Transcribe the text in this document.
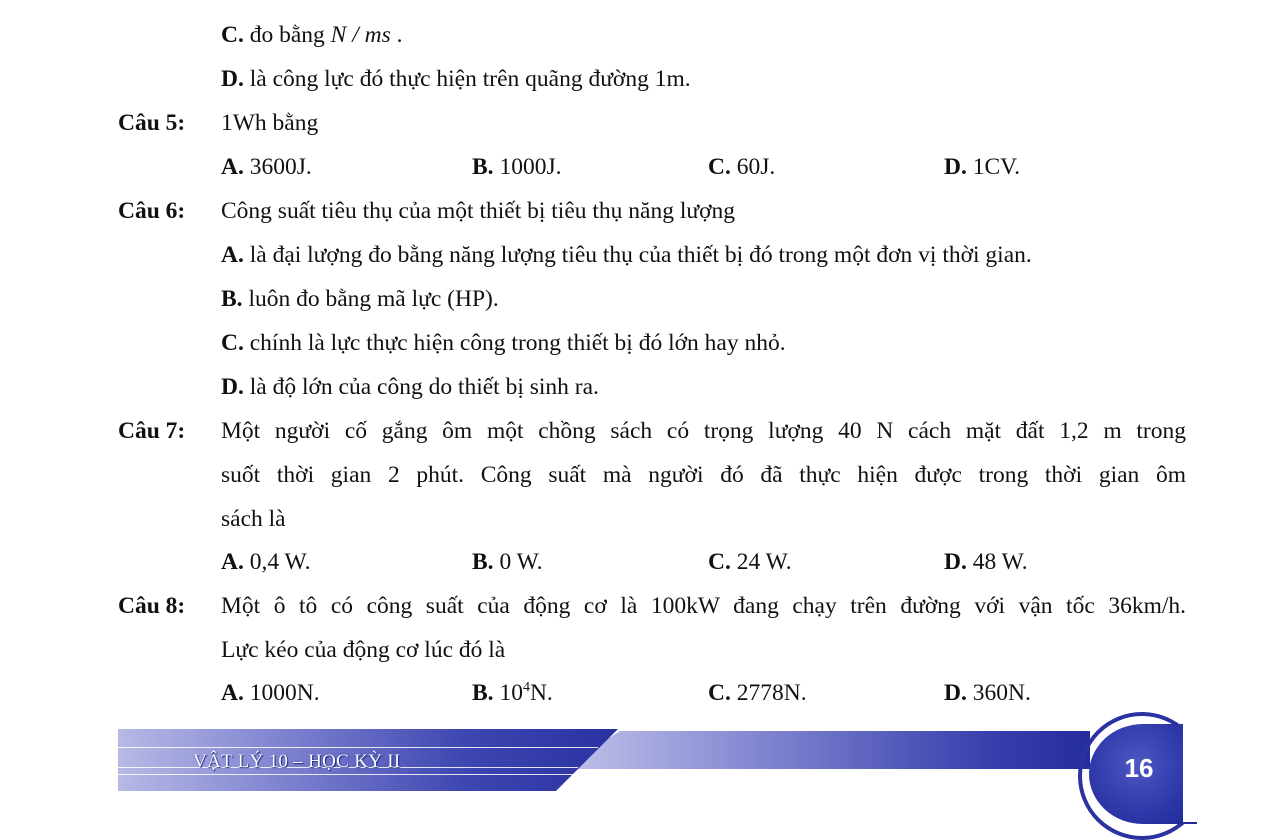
C. đo bằng N / ms .
D. là công lực đó thực hiện trên quãng đường 1m.
Câu 5: 1Wh bằng
A. 3600J.	B. 1000J.	C. 60J.	D. 1CV.
Câu 6: Công suất tiêu thụ của một thiết bị tiêu thụ năng lượng
A. là đại lượng đo bằng năng lượng tiêu thụ của thiết bị đó trong một đơn vị thời gian.
B. luôn đo bằng mã lực (HP).
C. chính là lực thực hiện công trong thiết bị đó lớn hay nhỏ.
D. là độ lớn của công do thiết bị sinh ra.
Câu 7: Một người cố gắng ôm một chồng sách có trọng lượng 40 N cách mặt đất 1,2 m trong
suốt thời gian 2 phút. Công suất mà người đó đã thực hiện được trong thời gian ôm
sách là
A. 0,4 W.	B. 0 W.	C. 24 W.	D. 48 W.
Câu 8: Một ô tô có công suất của động cơ là 100kW đang chạy trên đường với vận tốc 36km/h.
Lực kéo của động cơ lúc đó là
A. 1000N.	B. $10^4N$.	C. 2778N.	D. 360N.
VẬT LÝ 10 – HỌC KỲ II	16
